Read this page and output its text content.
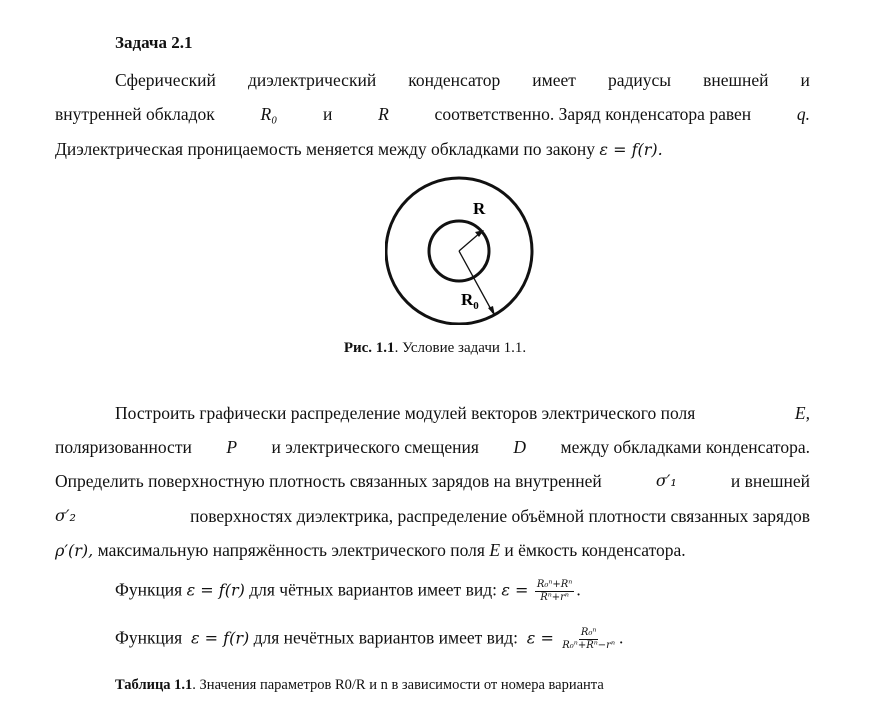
Задача 2.1
Сферический диэлектрический конденсатор имеет радиусы внешней и
внутренней обкладок	R₀	и	R	соответственно. Заряд конденсатора равен	q.
Диэлектрическая проницаемость меняется между обкладками по закону ε = f(r).
R
$R_0$
Рис. 1.1. Условие задачи 1.1.
Построить графически распределение модулей векторов электрического поля	E,
поляризованности P и электрического смещения D между обкладками конденсатора.
Определить поверхностную плотность связанных зарядов на внутренней	σ′₁	и внешней
σ′₂	поверхностях диэлектрика, распределение объёмной плотности связанных зарядов
ρ′(r), максимальную напряжённость электрического поля E и ёмкость конденсатора.
Функция ε = f(r) для чётных вариантов имеет вид: $\varepsilon = \frac{\text{R₀ⁿ+Rⁿ}}{\text{Rⁿ+rⁿ}}$ .
Функция ε = f(r) для нечётных вариантов имеет вид: $\varepsilon = \frac{\text{R₀ⁿ}}{\text{R₀ⁿ+Rⁿ−rⁿ}}$ .
Таблица 1.1. Значения параметров R0/R и n в зависимости от номера варианта
